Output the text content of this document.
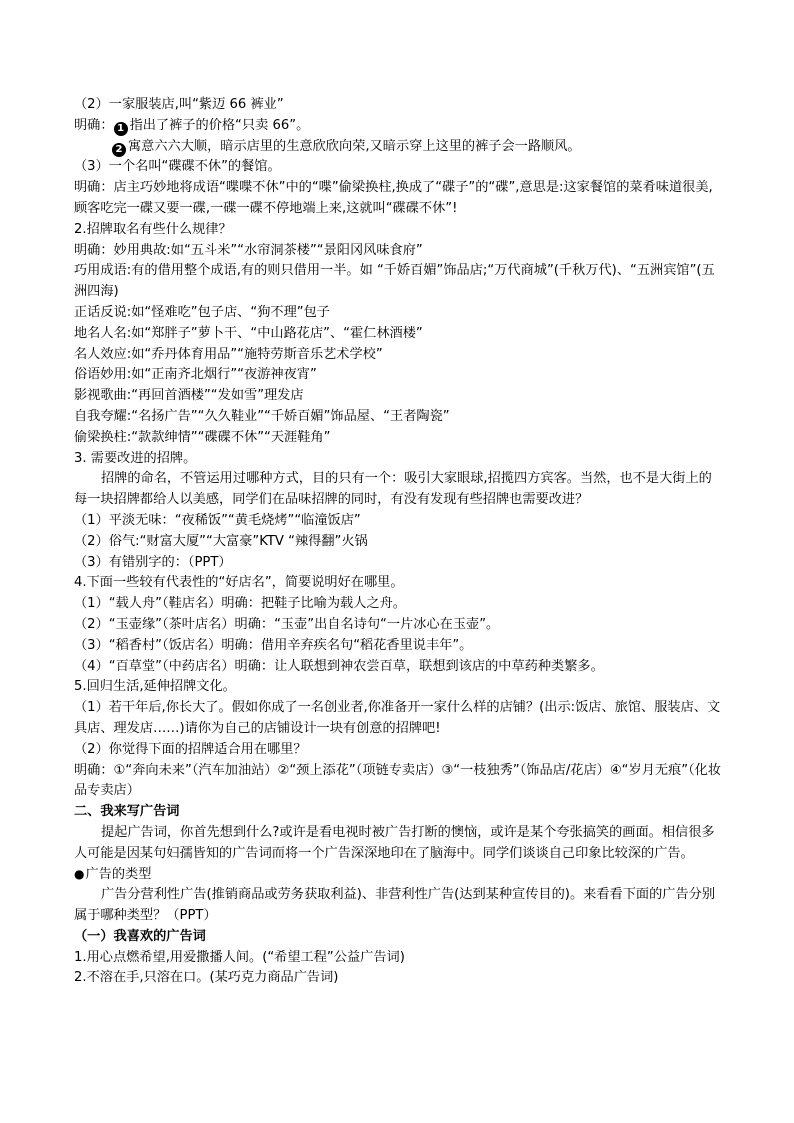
（2）一家服装店,叫“紫迈 66 裤业”
明确： 1 指出了裤子的价格“只卖 66”。
2 寓意六六大顺，暗示店里的生意欣欣向荣,又暗示穿上这里的裤子会一路顺风。
（3）一个名叫“碟碟不休”的餐馆。
明确：店主巧妙地将成语“喋喋不休”中的“喋”偷梁换柱,换成了“碟子”的“碟”,意思是:这家餐馆的菜肴味道很美,顾客吃完一碟又要一碟,一碟一碟不停地端上来,这就叫“碟碟不休”!
2.招牌取名有些什么规律？
明确：妙用典故:如“五斗米”“水帘洞茶楼”“景阳冈风味食府”
巧用成语:有的借用整个成语,有的则只借用一半。如 “千娇百媚”饰品店;“万代商城”(千秋万代)、“五洲宾馆”(五洲四海)
正话反说:如“怪难吃”包子店、“狗不理”包子
地名人名:如“郑胖子”萝卜干、“中山路花店”、“霍仁林酒楼”
名人效应:如“乔丹体育用品”“施特劳斯音乐艺术学校”
俗语妙用:如“正南齐北烟行”“夜游神夜宵”
影视歌曲:“再回首酒楼”“发如雪”理发店
自我夸耀:“名扬广告”“久久鞋业”“千娇百媚”饰品屋、“王者陶瓷”
偷梁换柱:“款款绅情”“碟碟不休”“天涯鞋角”
3. 需要改进的招牌。
招牌的命名，不管运用过哪种方式，目的只有一个：吸引大家眼球,招揽四方宾客。当然，也不是大街上的每一块招牌都给人以美感，同学们在品味招牌的同时，有没有发现有些招牌也需要改进？
（1）平淡无味：“夜稀饭”“黄毛烧烤”“临潼饭店”
（2）俗气:“财富大厦”“大富豪”KTV “辣得翻”火锅
（3）有错别字的：（PPT）
4.下面一些较有代表性的“好店名”，简要说明好在哪里。
（1）“载人舟”（鞋店名）明确：把鞋子比喻为载人之舟。
（2）“玉壶缘”（茶叶店名）明确：“玉壶”出自名诗句“一片冰心在玉壶”。
（3）“稻香村”（饭店名）明确：借用辛弃疾名句“稻花香里说丰年”。
（4）“百草堂”（中药店名）明确：让人联想到神农尝百草，联想到该店的中草药种类繁多。
5.回归生活,延伸招牌文化。
（1）若干年后,你长大了。假如你成了一名创业者,你准备开一家什么样的店铺？(出示:饭店、旅馆、服装店、文具店、理发店……)请你为自己的店铺设计一块有创意的招牌吧!
（2）你觉得下面的招牌适合用在哪里？
明确：①“奔向未来”（汽车加油站）②“颈上添花”（项链专卖店）③“一枝独秀”（饰品店/花店）④“岁月无痕”（化妆品专卖店）
二、我来写广告词
提起广告词，你首先想到什么?或许是看电视时被广告打断的懊恼，或许是某个夸张搞笑的画面。相信很多人可能是因某句妇孺皆知的广告词而将一个广告深深地印在了脑海中。同学们谈谈自己印象比较深的广告。
●广告的类型
广告分营利性广告(推销商品或劳务获取利益)、非营利性广告(达到某种宣传目的)。来看看下面的广告分别属于哪种类型？（PPT）
（一）我喜欢的广告词
1.用心点燃希望,用爱撒播人间。(“希望工程”公益广告词)
2.不溶在手,只溶在口。(某巧克力商品广告词)
